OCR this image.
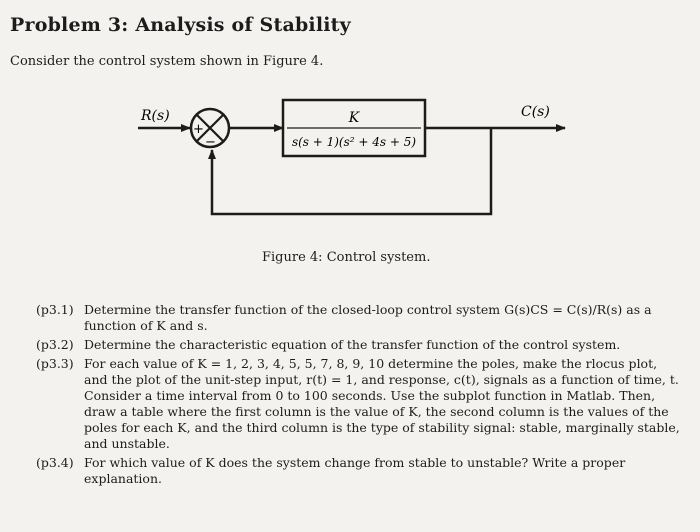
Problem 3: Analysis of Stability
Consider the control system shown in Figure 4.
R(s)
+
−
K
s(s + 1)(s² + 4s + 5)
C(s)
Figure 4: Control system.
(p3.1) Determine the transfer function of the closed-loop control system G(s)CS = C(s)/R(s) as a function of K and s.
(p3.2) Determine the characteristic equation of the transfer function of the control system.
(p3.3) For each value of K = 1, 2, 3, 4, 5, 5, 7, 8, 9, 10 determine the poles, make the rlocus plot, and the plot of the unit-step input, r(t) = 1, and response, c(t), signals as a function of time, t. Consider a time interval from 0 to 100 seconds. Use the subplot function in Matlab. Then, draw a table where the first column is the value of K, the second column is the values of the poles for each K, and the third column is the type of stability signal: stable, marginally stable, and unstable.
(p3.4) For which value of K does the system change from stable to unstable? Write a proper explanation.
